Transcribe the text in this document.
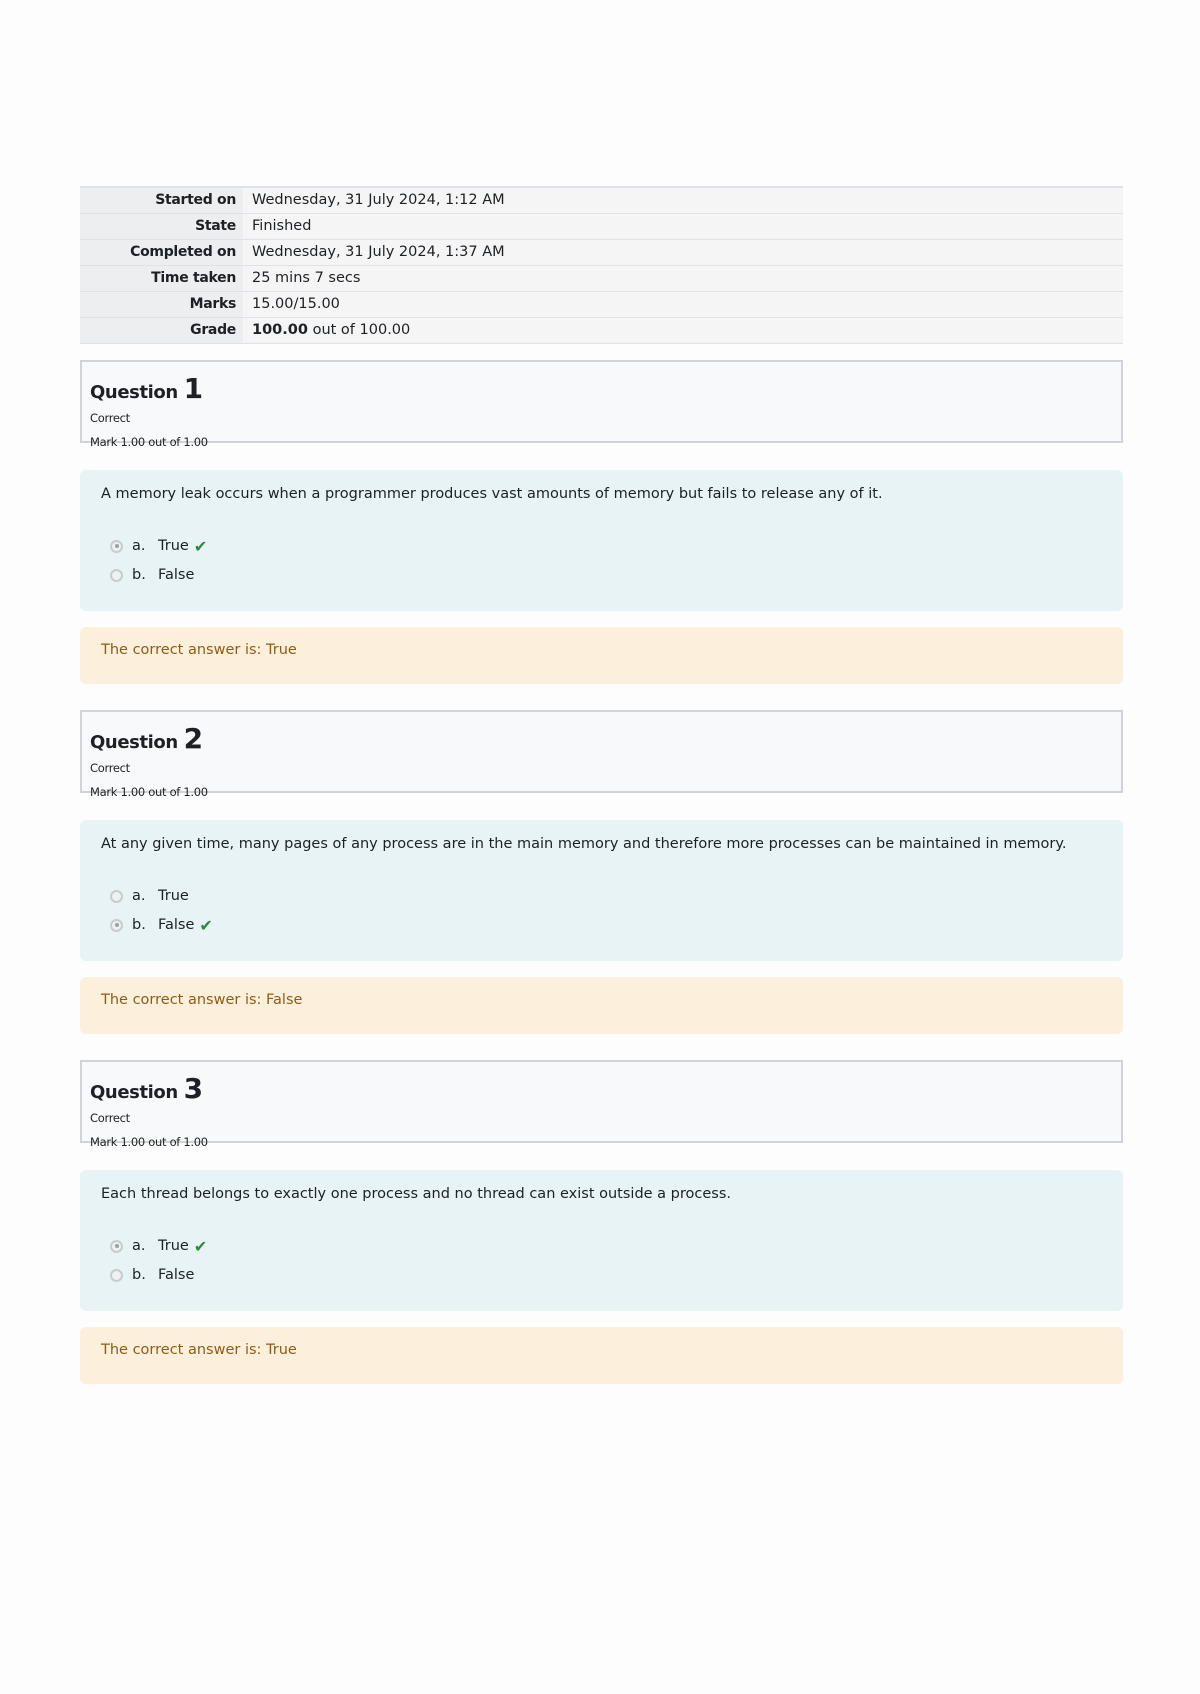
Started on	Wednesday, 31 July 2024, 1:12 AM
State	Finished
Completed on	Wednesday, 31 July 2024, 1:37 AM
Time taken	25 mins 7 secs
Marks	15.00/15.00
Grade	100.00 out of 100.00
Question 1
Correct
Mark 1.00 out of 1.00
A memory leak occurs when a programmer produces vast amounts of memory but fails to release any of it.
a. True ✔
b. False
The correct answer is: True
Question 2
Correct
Mark 1.00 out of 1.00
At any given time, many pages of any process are in the main memory and therefore more processes can be maintained in memory.
a. True
b. False ✔
The correct answer is: False
Question 3
Correct
Mark 1.00 out of 1.00
Each thread belongs to exactly one process and no thread can exist outside a process.
a. True ✔
b. False
The correct answer is: True
